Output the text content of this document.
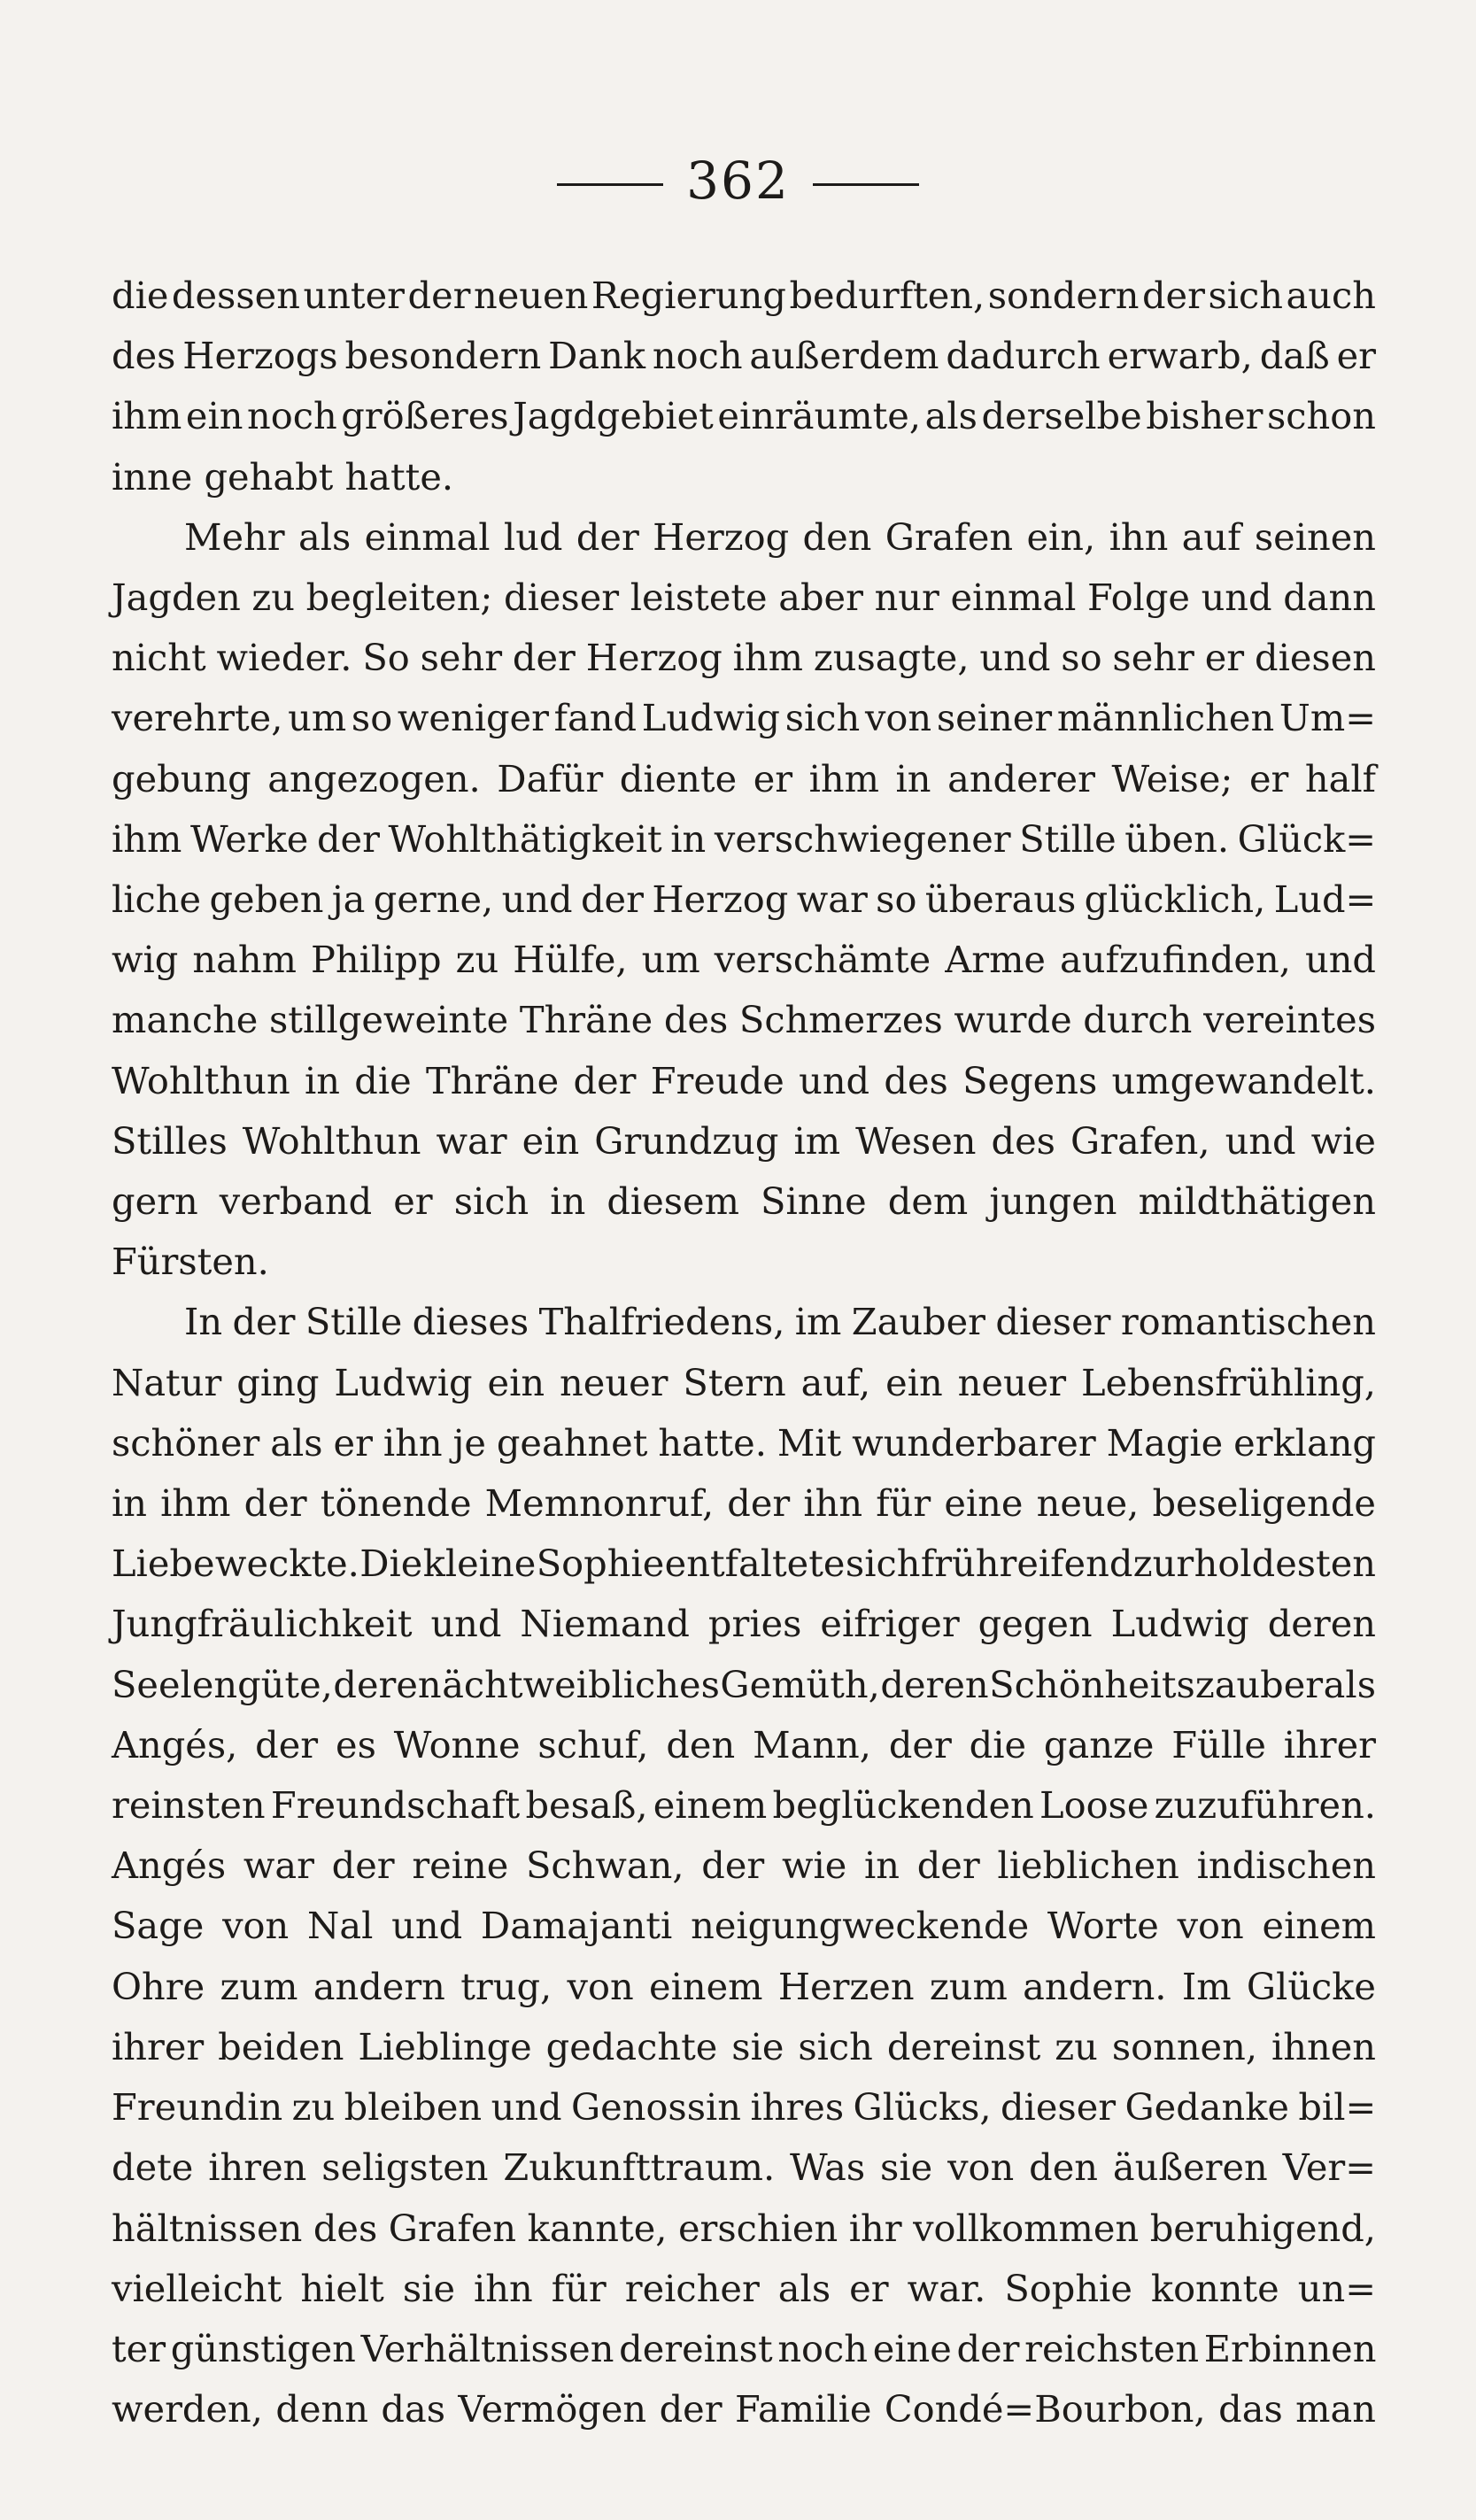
362
die dessen unter der neuen Regierung bedurften, sondern der sich auch
des Herzogs besondern Dank noch außerdem dadurch erwarb, daß er
ihm ein noch größeres Jagdgebiet einräumte, als derselbe bisher schon
inne gehabt hatte.
Mehr als einmal lud der Herzog den Grafen ein, ihn auf seinen
Jagden zu begleiten; dieser leistete aber nur einmal Folge und dann
nicht wieder. So sehr der Herzog ihm zusagte, und so sehr er diesen
verehrte, um so weniger fand Ludwig sich von seiner männlichen Um=
gebung angezogen. Dafür diente er ihm in anderer Weise; er half
ihm Werke der Wohlthätigkeit in verschwiegener Stille üben. Glück=
liche geben ja gerne, und der Herzog war so überaus glücklich, Lud=
wig nahm Philipp zu Hülfe, um verschämte Arme aufzufinden, und
manche stillgeweinte Thräne des Schmerzes wurde durch vereintes
Wohlthun in die Thräne der Freude und des Segens umgewandelt.
Stilles Wohlthun war ein Grundzug im Wesen des Grafen, und wie
gern verband er sich in diesem Sinne dem jungen mildthätigen
Fürsten.
In der Stille dieses Thalfriedens, im Zauber dieser romantischen
Natur ging Ludwig ein neuer Stern auf, ein neuer Lebensfrühling,
schöner als er ihn je geahnet hatte. Mit wunderbarer Magie erklang
in ihm der tönende Memnonruf, der ihn für eine neue, beseligende
Liebe weckte. Die kleine Sophie entfaltete sich frühreifend zur holdesten
Jungfräulichkeit und Niemand pries eifriger gegen Ludwig deren
Seelengüte, deren ächtweibliches Gemüth, deren Schönheitszauber als
Angés, der es Wonne schuf, den Mann, der die ganze Fülle ihrer
reinsten Freundschaft besaß, einem beglückenden Loose zuzuführen.
Angés war der reine Schwan, der wie in der lieblichen indischen
Sage von Nal und Damajanti neigungweckende Worte von einem
Ohre zum andern trug, von einem Herzen zum andern. Im Glücke
ihrer beiden Lieblinge gedachte sie sich dereinst zu sonnen, ihnen
Freundin zu bleiben und Genossin ihres Glücks, dieser Gedanke bil=
dete ihren seligsten Zukunfttraum. Was sie von den äußeren Ver=
hältnissen des Grafen kannte, erschien ihr vollkommen beruhigend,
vielleicht hielt sie ihn für reicher als er war. Sophie konnte un=
ter günstigen Verhältnissen dereinst noch eine der reichsten Erbinnen
werden, denn das Vermögen der Familie Condé=Bourbon, das man
